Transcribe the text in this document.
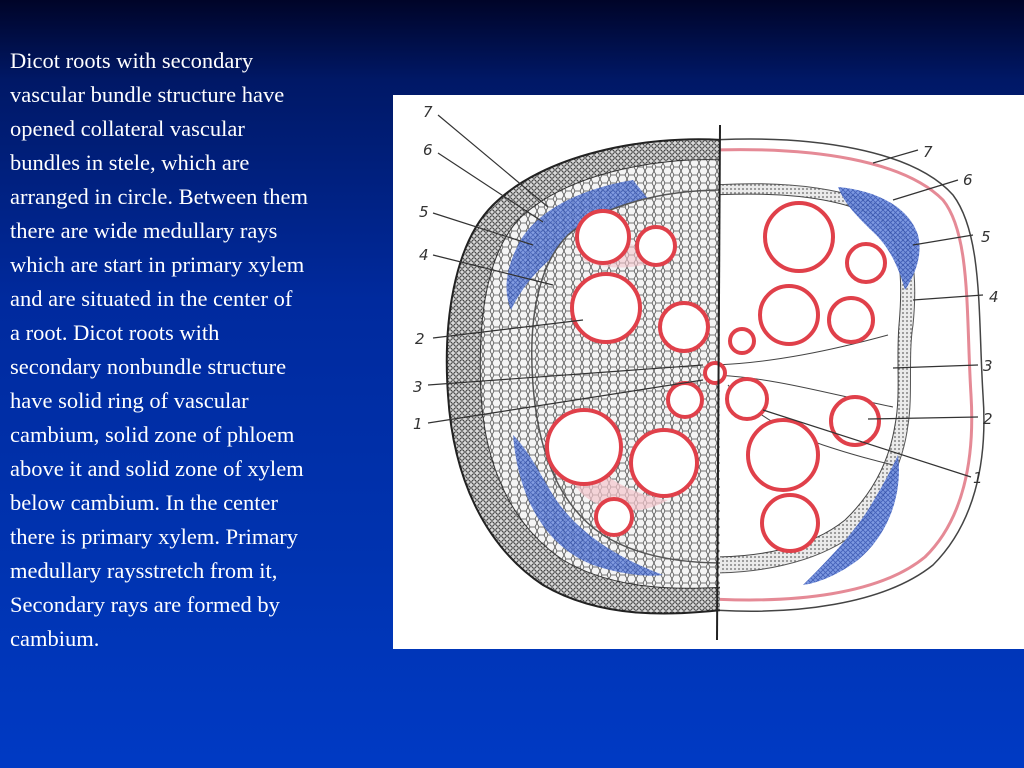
Dicot roots with secondary
vascular bundle structure have
opened collateral vascular
bundles in stele, which are
arranged in circle. Between them
there are wide medullary rays
which are start in primary xylem
and are situated in the center of
a root. Dicot roots with
secondary nonbundle structure
have solid ring of vascular
cambium, solid zone of phloem
above it and solid zone of xylem
below cambium. In the center
there is primary xylem. Primary
medullary raysstretch from it,
Secondary rays are formed by
cambium.

7
6
5
4
2
3
1
7
6
5
4
3
2
1
